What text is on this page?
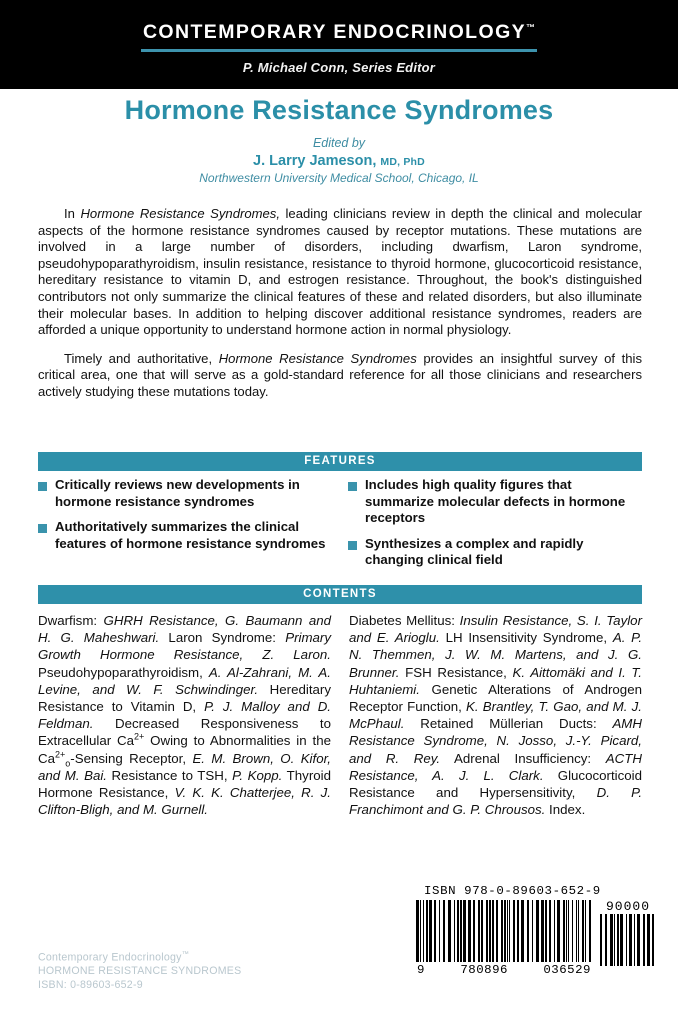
CONTEMPORARY ENDOCRINOLOGY™
P. Michael Conn, Series Editor
Hormone Resistance Syndromes
Edited by
J. Larry Jameson, MD, PhD
Northwestern University Medical School, Chicago, IL

In Hormone Resistance Syndromes, leading clinicians review in depth the clinical and molecular aspects of the hormone resistance syndromes caused by receptor mutations. These mutations are involved in a large number of disorders, including dwarfism, Laron syndrome, pseudohypoparathyroidism, insulin resistance, resistance to thyroid hormone, glucocorticoid resistance, hereditary resistance to vitamin D, and estrogen resistance. Throughout, the book's distinguished contributors not only summarize the clinical features of these and related disorders, but also illuminate their molecular bases. In addition to helping discover additional resistance syndromes, readers are afforded a unique opportunity to understand hormone action in normal physiology.

Timely and authoritative, Hormone Resistance Syndromes provides an insightful survey of this critical area, one that will serve as a gold-standard reference for all those clinicians and researchers actively studying these mutations today.

FEATURES
Critically reviews new developments in hormone resistance syndromes
Authoritatively summarizes the clinical features of hormone resistance syndromes
Includes high quality figures that summarize molecular defects in hormone receptors
Synthesizes a complex and rapidly changing clinical field
CONTENTS
Dwarfism: GHRH Resistance, G. Baumann and H. G. Maheshwari. Laron Syndrome: Primary Growth Hormone Resistance, Z. Laron. Pseudohypoparathyroidism, A. Al-Zahrani, M. A. Levine, and W. F. Schwindinger. Hereditary Resistance to Vitamin D, P. J. Malloy and D. Feldman. Decreased Responsiveness to Extracellular $Ca^{2+}$ Owing to Abnormalities in the $Ca^{2+}_o$-Sensing Receptor, E. M. Brown, O. Kifor, and M. Bai. Resistance to TSH, P. Kopp. Thyroid Hormone Resistance, V. K. K. Chatterjee, R. J. Clifton-Bligh, and M. Gurnell.
Diabetes Mellitus: Insulin Resistance, S. I. Taylor and E. Arioglu. LH Insensitivity Syndrome, A. P. N. Themmen, J. W. M. Martens, and J. G. Brunner. FSH Resistance, K. Aittomäki and I. T. Huhtaniemi. Genetic Alterations of Androgen Receptor Function, K. Brantley, T. Gao, and M. J. McPhaul. Retained Müllerian Ducts: AMH Resistance Syndrome, N. Josso, J.-Y. Picard, and R. Rey. Adrenal Insufficiency: ACTH Resistance, A. J. L. Clark. Glucocorticoid Resistance and Hypersensitivity, D. P. Franchimont and G. P. Chrousos. Index.
ISBN 978-0-89603-652-9
9	780896	036529
90000
Contemporary Endocrinology™
HORMONE RESISTANCE SYNDROMES
ISBN: 0-89603-652-9
